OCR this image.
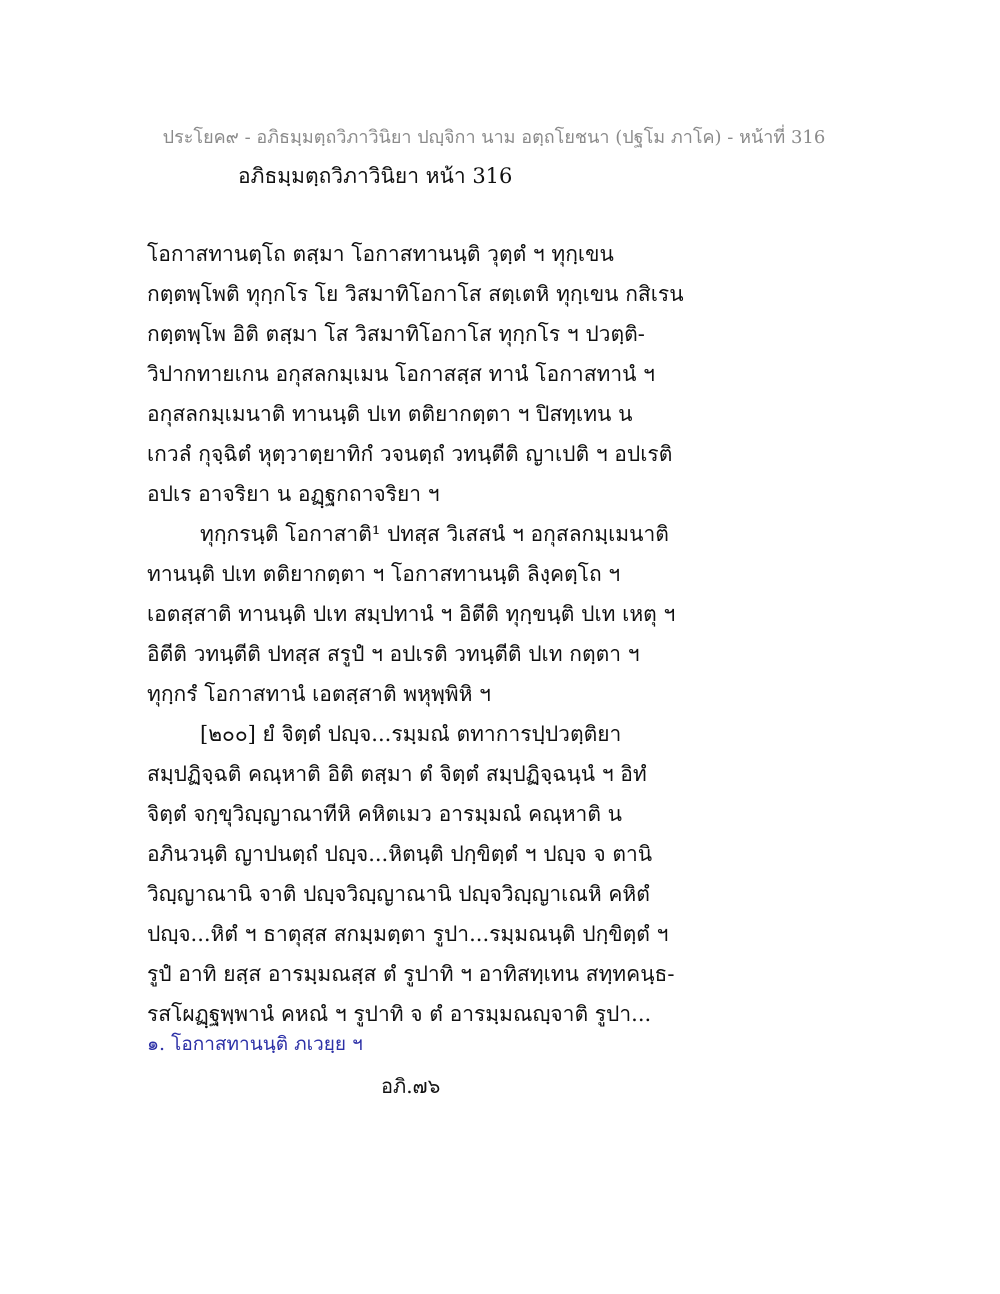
ประโยค๙ - อภิธมฺมตฺถวิภาวินิยา ปญฺจิกา นาม อตฺถโยชนา (ปฐโม ภาโค) - หน้าที่ 316
อภิธมฺมตฺถวิภาวินิยา หน้า 316
โอกาสทานตฺโถ ตสฺมา โอกาสทานนฺติ วุตฺตํ ฯ ทุกฺเขน
กตฺตพฺโพติ ทุกฺกโร โย วิสมาทิโอกาโส สตฺเตหิ ทุกฺเขน กสิเรน
กตฺตพฺโพ อิติ ตสฺมา โส วิสมาทิโอกาโส ทุกฺกโร ฯ ปวตฺติ-
วิปากทายเกน อกุสลกมฺเมน โอกาสสฺส ทานํ โอกาสทานํ ฯ
อกุสลกมฺเมนาติ ทานนฺติ ปเท ตติยากตฺตา ฯ ปิสทฺเทน น
เกวลํ กุจฺฉิตํ หุตฺวาตฺยาทิกํ วจนตฺถํ วทนฺตีติ ญาเปติ ฯ อปเรติ
อปเร อาจริยา น อฏฺฐกถาจริยา ฯ
ทุกฺกรนฺติ โอกาสาติ¹ ปทสฺส วิเสสนํ ฯ อกุสลกมฺเมนาติ
ทานนฺติ ปเท ตติยากตฺตา ฯ โอกาสทานนฺติ ลิงฺคตฺโถ ฯ
เอตสฺสาติ ทานนฺติ ปเท สมฺปทานํ ฯ อิตีติ ทุกฺขนฺติ ปเท เหตุ ฯ
อิตีติ วทนฺตีติ ปทสฺส สรูปํ ฯ อปเรติ วทนฺตีติ ปเท กตฺตา ฯ
ทุกฺกรํ โอกาสทานํ เอตสฺสาติ พหุพฺพิหิ ฯ
[๒๐๐] ยํ จิตฺตํ ปญฺจ...รมฺมณํ ตทาการปฺปวตฺติยา
สมฺปฏิจฺฉติ คณฺหาติ อิติ ตสฺมา ตํ จิตฺตํ สมฺปฏิจฺฉนฺนํ ฯ อิทํ
จิตฺตํ จกฺขุวิญฺญาณาทีหิ คหิตเมว อารมฺมณํ คณฺหาติ น
อภินวนฺติ ญาปนตฺถํ ปญฺจ...หิตนฺติ ปกฺขิตฺตํ ฯ ปญฺจ จ ตานิ
วิญฺญาณานิ จาติ ปญฺจวิญฺญาณานิ ปญฺจวิญฺญาเณหิ คหิตํ
ปญฺจ...หิตํ ฯ ธาตุสฺส สกมฺมตฺตา รูปา...รมฺมณนฺติ ปกฺขิตฺตํ ฯ
รูปํ อาทิ ยสฺส อารมฺมณสฺส ตํ รูปาทิ ฯ อาทิสทฺเทน สทฺทคนฺธ-
รสโผฏฺฐพฺพานํ คหณํ ฯ รูปาทิ จ ตํ อารมฺมณญฺจาติ รูปา...
๑. โอกาสทานนฺติ ภเวยฺย ฯ
อภิ.๗๖
